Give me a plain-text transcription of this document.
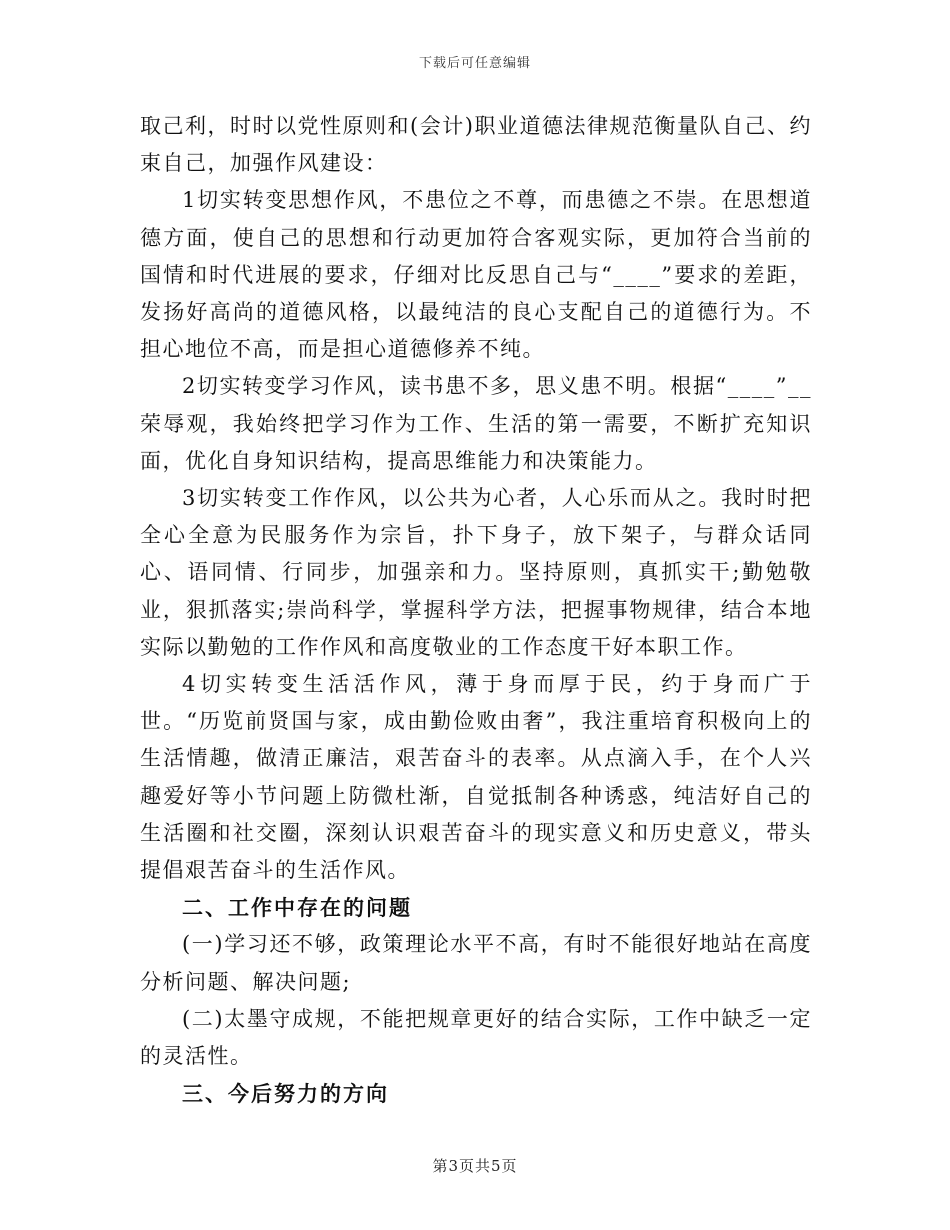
下载后可任意编辑

取己利，时时以党性原则和(会计)职业道德法律规范衡量队自己、约束自己，加强作风建设：

1切实转变思想作风，不患位之不尊，而患德之不崇。在思想道德方面，使自己的思想和行动更加符合客观实际，更加符合当前的国情和时代进展的要求，仔细对比反思自己与“____”要求的差距，发扬好高尚的道德风格，以最纯洁的良心支配自己的道德行为。不担心地位不高，而是担心道德修养不纯。

2切实转变学习作风，读书患不多，思义患不明。根据“____”__荣辱观，我始终把学习作为工作、生活的第一需要，不断扩充知识面，优化自身知识结构，提高思维能力和决策能力。

3切实转变工作作风，以公共为心者，人心乐而从之。我时时把全心全意为民服务作为宗旨，扑下身子，放下架子，与群众话同心、语同情、行同步，加强亲和力。坚持原则，真抓实干;勤勉敬业，狠抓落实;崇尚科学，掌握科学方法，把握事物规律，结合本地实际以勤勉的工作作风和高度敬业的工作态度干好本职工作。

4切实转变生活活作风，薄于身而厚于民，约于身而广于世。“历览前贤国与家，成由勤俭败由奢”，我注重培育积极向上的生活情趣，做清正廉洁，艰苦奋斗的表率。从点滴入手，在个人兴趣爱好等小节问题上防微杜渐，自觉抵制各种诱惑，纯洁好自己的生活圈和社交圈，深刻认识艰苦奋斗的现实意义和历史意义，带头提倡艰苦奋斗的生活作风。

二、工作中存在的问题

(一)学习还不够，政策理论水平不高，有时不能很好地站在高度分析问题、解决问题;

(二)太墨守成规，不能把规章更好的结合实际，工作中缺乏一定的灵活性。

三、今后努力的方向

第3页共5页
